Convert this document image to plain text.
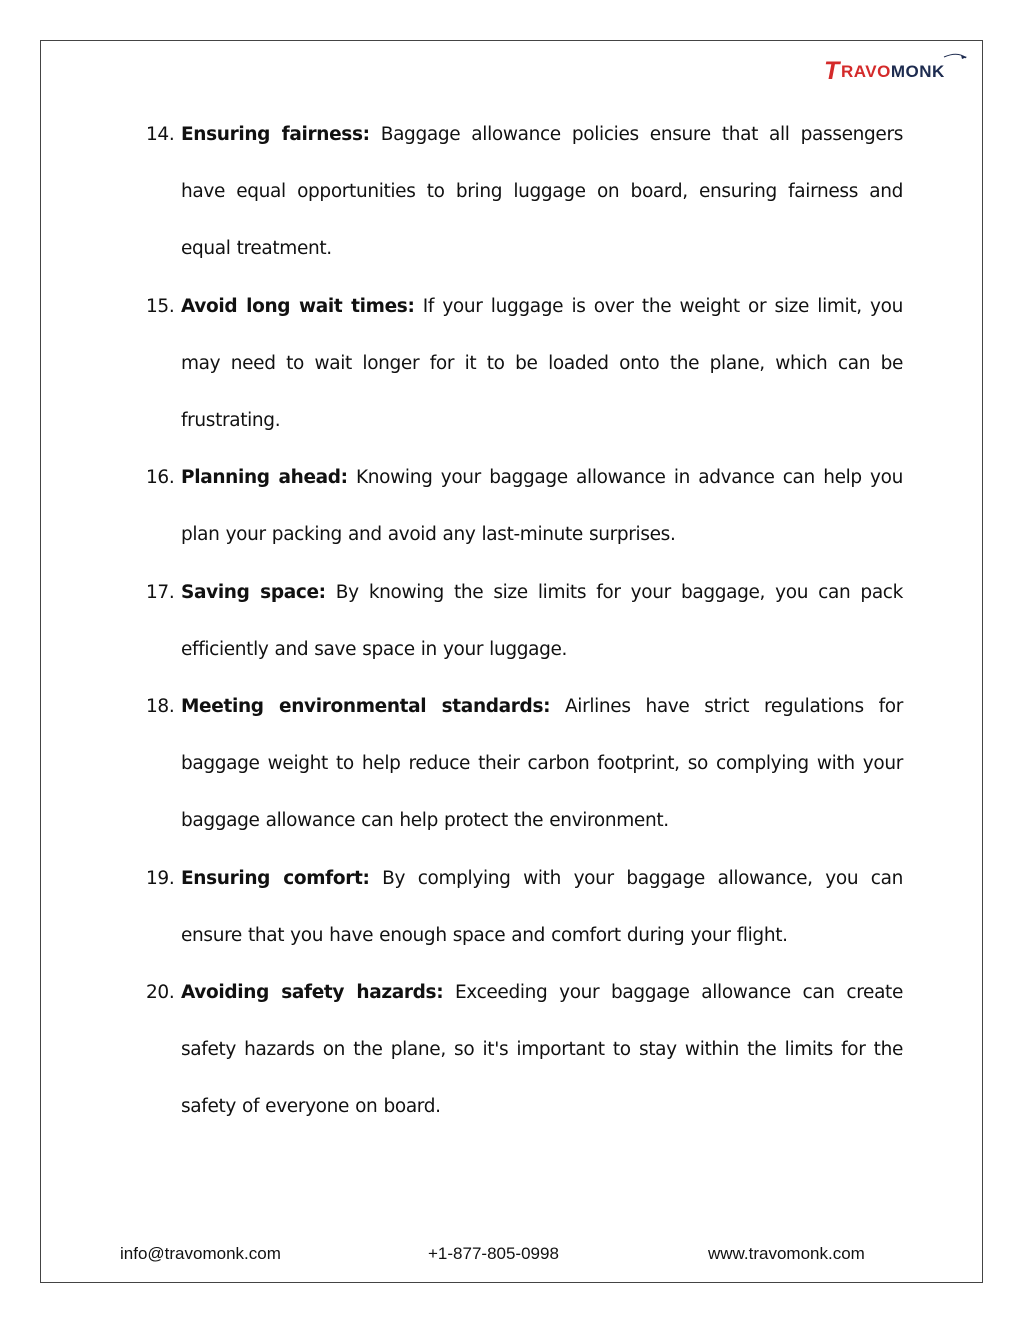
T RAVOMONK
14. Ensuring fairness: Baggage allowance policies ensure that all passengers have equal opportunities to bring luggage on board, ensuring fairness and equal treatment.
15. Avoid long wait times: If your luggage is over the weight or size limit, you may need to wait longer for it to be loaded onto the plane, which can be frustrating.
16. Planning ahead: Knowing your baggage allowance in advance can help you plan your packing and avoid any last-minute surprises.
17. Saving space: By knowing the size limits for your baggage, you can pack efficiently and save space in your luggage.
18. Meeting environmental standards: Airlines have strict regulations for baggage weight to help reduce their carbon footprint, so complying with your baggage allowance can help protect the environment.
19. Ensuring comfort: By complying with your baggage allowance, you can ensure that you have enough space and comfort during your flight.
20. Avoiding safety hazards: Exceeding your baggage allowance can create safety hazards on the plane, so it's important to stay within the limits for the safety of everyone on board.
info@travomonk.com	+1-877-805-0998	www.travomonk.com
